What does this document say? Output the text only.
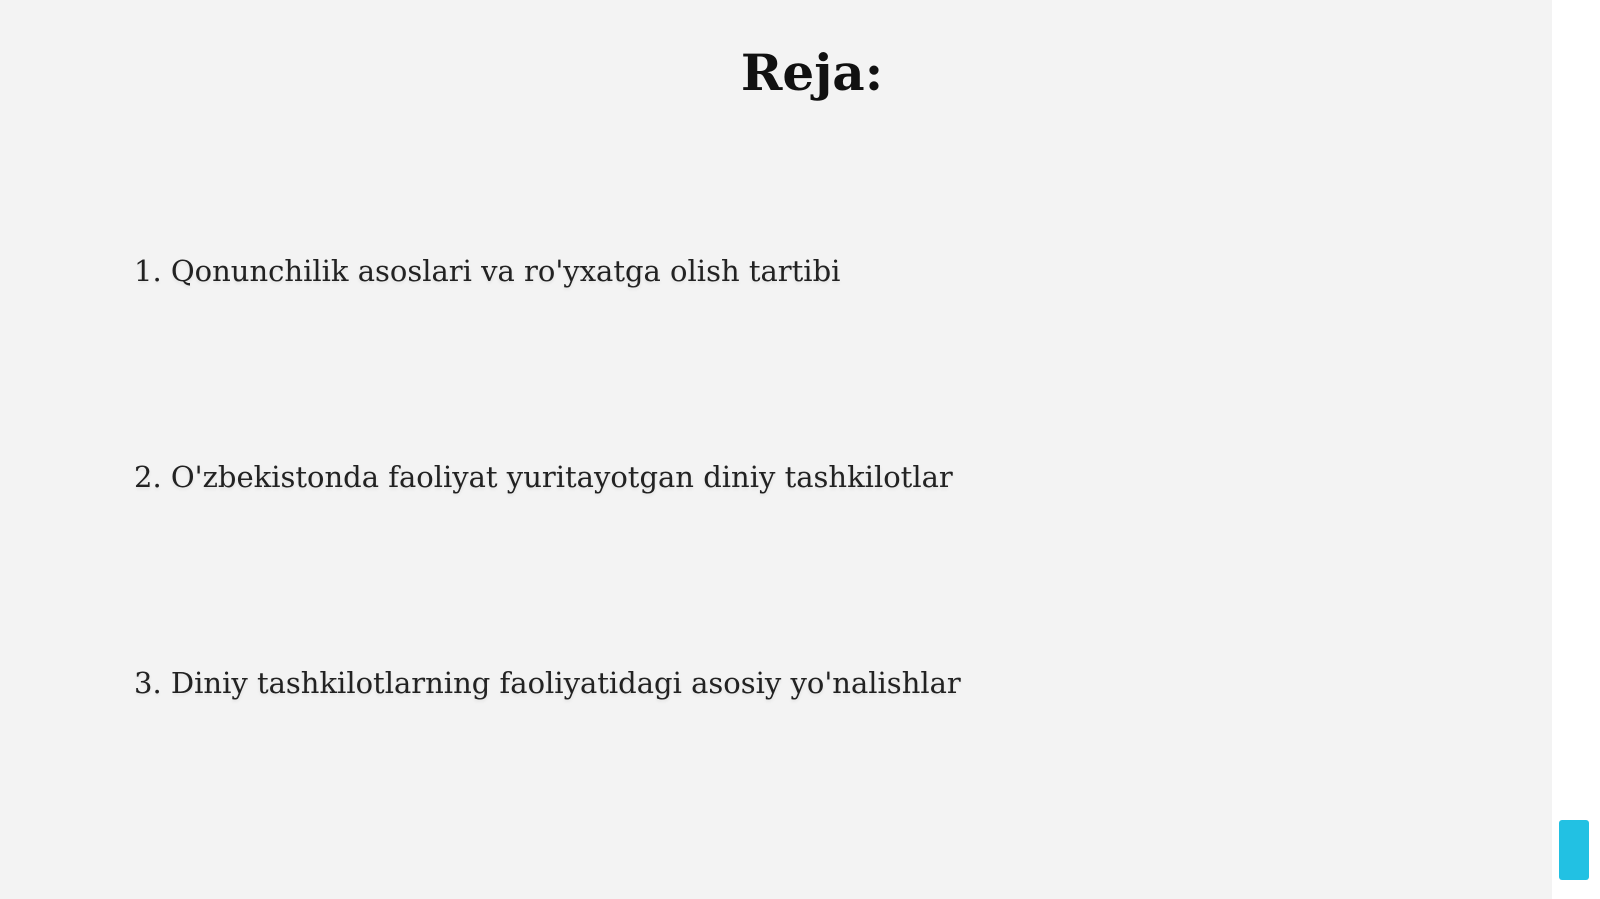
Reja:

1. Qonunchilik asoslari va ro'yxatga olish tartibi

2. O'zbekistonda faoliyat yuritayotgan diniy tashkilotlar

3. Diniy tashkilotlarning faoliyatidagi asosiy yo'nalishlar
